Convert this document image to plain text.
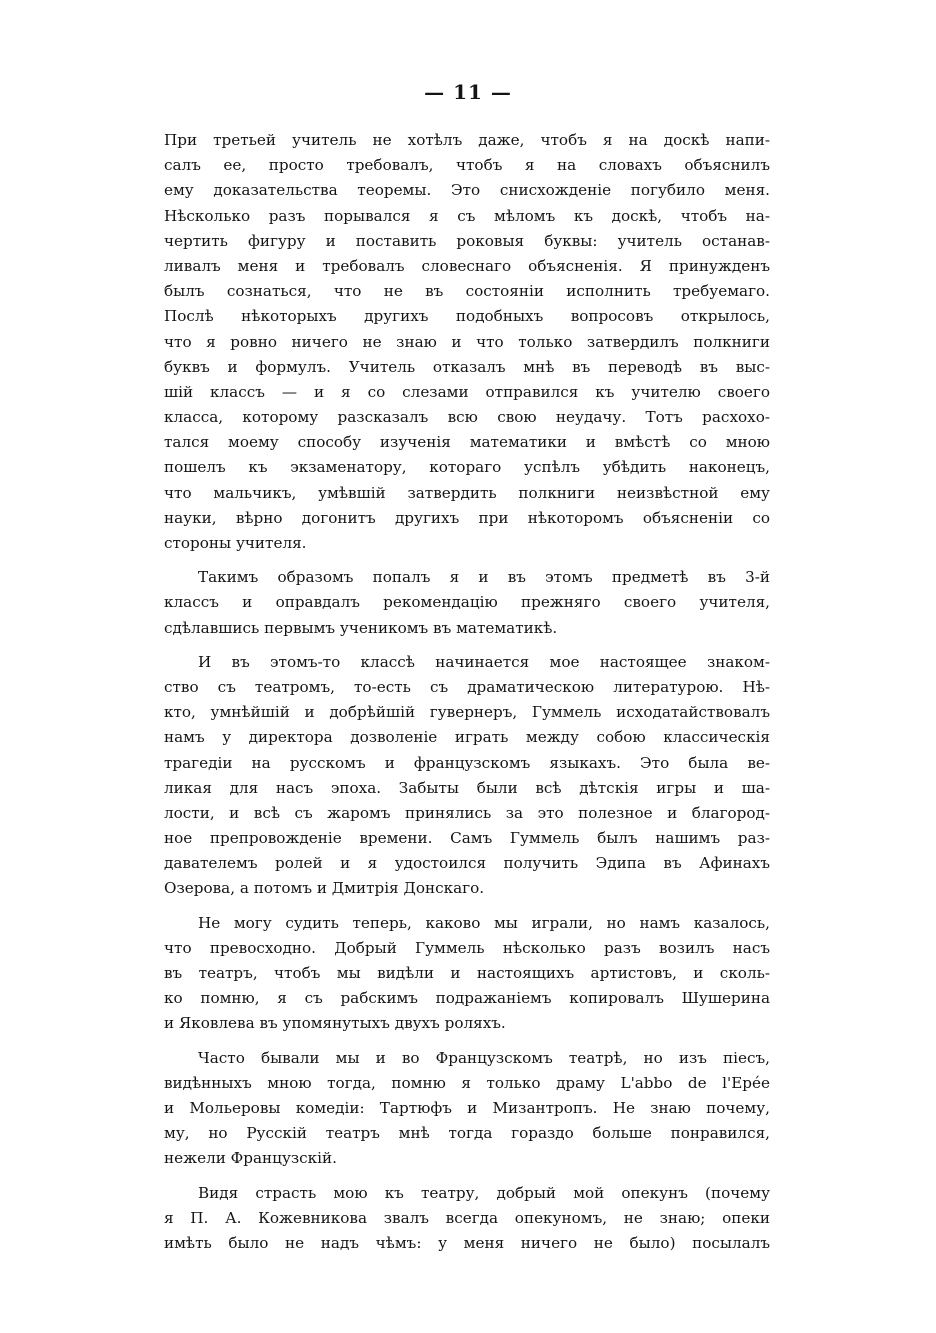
— 11 —
При третьей учитель не хотѣлъ даже, чтобъ я на доскѣ напи-
салъ ее, просто требовалъ, чтобъ я на словахъ объяснилъ
ему доказательства теоремы. Это снисхожденіе погубило меня.
Нѣсколько разъ порывался я съ мѣломъ къ доскѣ, чтобъ на-
чертить фигуру и поставить роковыя буквы: учитель останав-
ливалъ меня и требовалъ словеснаго объясненія. Я принужденъ
былъ сознаться, что не въ состояніи исполнить требуемаго.
Послѣ нѣкоторыхъ другихъ подобныхъ вопросовъ открылось,
что я ровно ничего не знаю и что только затвердилъ полкниги
буквъ и формулъ. Учитель отказалъ мнѣ въ переводѣ въ выс-
шій классъ — и я со слезами отправился къ учителю своего
класса, которому разсказалъ всю свою неудачу. Тотъ расхохо-
тался моему способу изученія математики и вмѣстѣ со мною
пошелъ къ экзаменатору, котораго успѣлъ убѣдить наконецъ,
что мальчикъ, умѣвшій затвердить полкниги неизвѣстной ему
науки, вѣрно догонитъ другихъ при нѣкоторомъ объясненіи со
стороны учителя.
Такимъ образомъ попалъ я и въ этомъ предметѣ въ 3-й
классъ и оправдалъ рекомендацію прежняго своего учителя,
сдѣлавшись первымъ ученикомъ въ математикѣ.
И въ этомъ-то классѣ начинается мое настоящее знаком-
ство съ театромъ, то-есть съ драматическою литературою. Нѣ-
кто, умнѣйшій и добрѣйшій гувернеръ, Гуммель исходатайствовалъ
намъ у директора дозволеніе играть между собою классическія
трагедіи на русскомъ и французскомъ языкахъ. Это была ве-
ликая для насъ эпоха. Забыты были всѣ дѣтскія игры и ша-
лости, и всѣ съ жаромъ принялись за это полезное и благород-
ное препровожденіе времени. Самъ Гуммель былъ нашимъ раз-
давателемъ ролей и я удостоился получить Эдипа въ Афинахъ
Озерова, а потомъ и Дмитрія Донскаго.
Не могу судить теперь, каково мы играли, но намъ казалось,
что превосходно. Добрый Гуммель нѣсколько разъ возилъ насъ
въ театръ, чтобъ мы видѣли и настоящихъ артистовъ, и сколь-
ко помню, я съ рабскимъ подражаніемъ копировалъ Шушерина
и Яковлева въ упомянутыхъ двухъ роляхъ.
Часто бывали мы и во Французскомъ театрѣ, но изъ піесъ,
видѣнныхъ мною тогда, помню я только драму L'abbo de l'Epée
и Мольеровы комедіи: Тартюфъ и Мизантропъ. Не знаю почему,
му, но Русскій театръ мнѣ тогда гораздо больше понравился,
нежели Французскій.
Видя страсть мою къ театру, добрый мой опекунъ (почему
я П. А. Кожевникова звалъ всегда опекуномъ, не знаю; опеки
имѣть было не надъ чѣмъ: у меня ничего не было) посылалъ
